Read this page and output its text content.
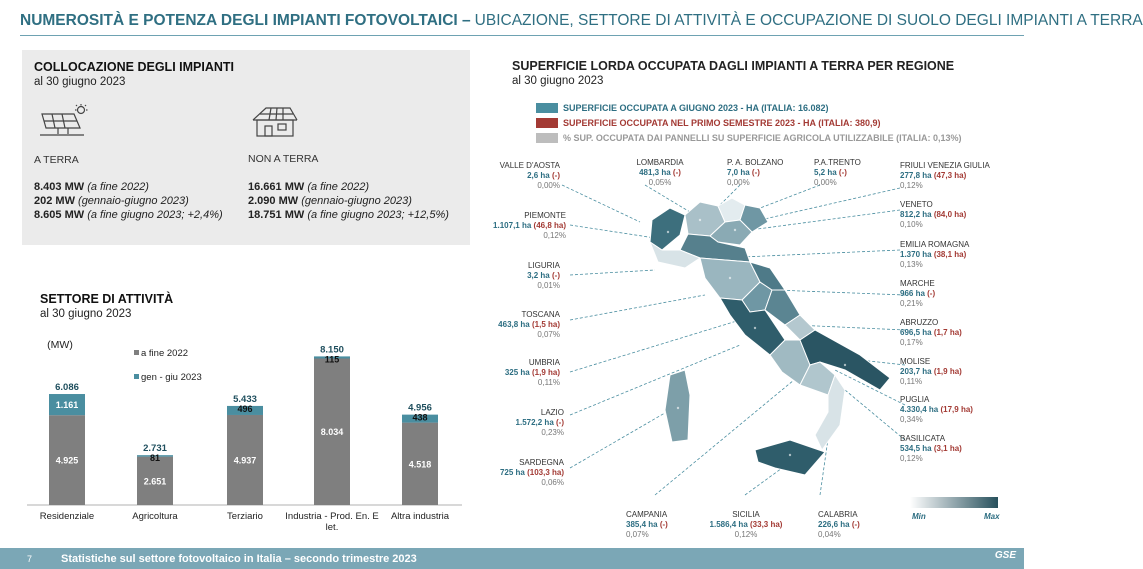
NUMEROSITÀ E POTENZA DEGLI IMPIANTI FOTOVOLTAICI – UBICAZIONE, SETTORE DI ATTIVITÀ E OCCUPAZIONE DI SUOLO DEGLI IMPIANTI A TERRA
COLLOCAZIONE DEGLI IMPIANTI
al 30 giugno 2023
A TERRA
8.403 MW (a fine 2022)
202 MW (gennaio-giugno 2023)
8.605 MW (a fine giugno 2023; +2,4%)
NON A TERRA
16.661 MW (a fine 2022)
2.090 MW (gennaio-giugno 2023)
18.751 MW (a fine giugno 2023; +12,5%)
SETTORE DI ATTIVITÀ
al 30 giugno 2023
(MW)
a fine 2022
gen - giu 2023
4.925
1.161
6.086
Residenziale
2.651
81
2.731
Agricoltura
4.937
496
5.433
Terziario
8.034
115
8.150
Industria - Prod. En. E
let.
4.518
438
4.956
Altra industria
SUPERFICIE LORDA OCCUPATA DAGLI IMPIANTI A TERRA PER REGIONE
al 30 giugno 2023
SUPERFICIE OCCUPATA A GIUGNO 2023 - HA (ITALIA: 16.082)
SUPERFICIE OCCUPATA NEL PRIMO SEMESTRE 2023 - HA (ITALIA: 380,9)
% SUP. OCCUPATA DAI PANNELLI SU SUPERFICIE AGRICOLA UTILIZZABILE (ITALIA: 0,13%)
VALLE D'AOSTA
2,6 ha (-)
0,00%
PIEMONTE
1.107,1 ha (46,8 ha)
0,12%
LIGURIA
3,2 ha (-)
0,01%
TOSCANA
463,8 ha (1,5 ha)
0,07%
UMBRIA
325 ha (1,9 ha)
0,11%
LAZIO
1.572,2 ha (-)
0,23%
SARDEGNA
725 ha (103,3 ha)
0,06%
LOMBARDIA
481,3 ha (-)
0,05%
P. A. BOLZANO
7,0 ha (-)
0,00%
P.A.TRENTO
5,2 ha (-)
0,00%
FRIULI VENEZIA GIULIA
277,8 ha (47,3 ha)
0,12%
VENETO
812,2 ha (84,0 ha)
0,10%
EMILIA ROMAGNA
1.370 ha (38,1 ha)
0,13%
MARCHE
966 ha (-)
0,21%
ABRUZZO
696,5 ha (1,7 ha)
0,17%
MOLISE
203,7 ha (1,9 ha)
0,11%
PUGLIA
4.330,4 ha (17,9 ha)
0,34%
BASILICATA
534,5 ha (3,1 ha)
0,12%
CAMPANIA
385,4 ha (-)
0,07%
SICILIA
1.586,4 ha (33,3 ha)
0,12%
CALABRIA
226,6 ha (-)
0,04%
Min	Max
7	Statistiche sul settore fotovoltaico in Italia – secondo trimestre 2023	GSE
